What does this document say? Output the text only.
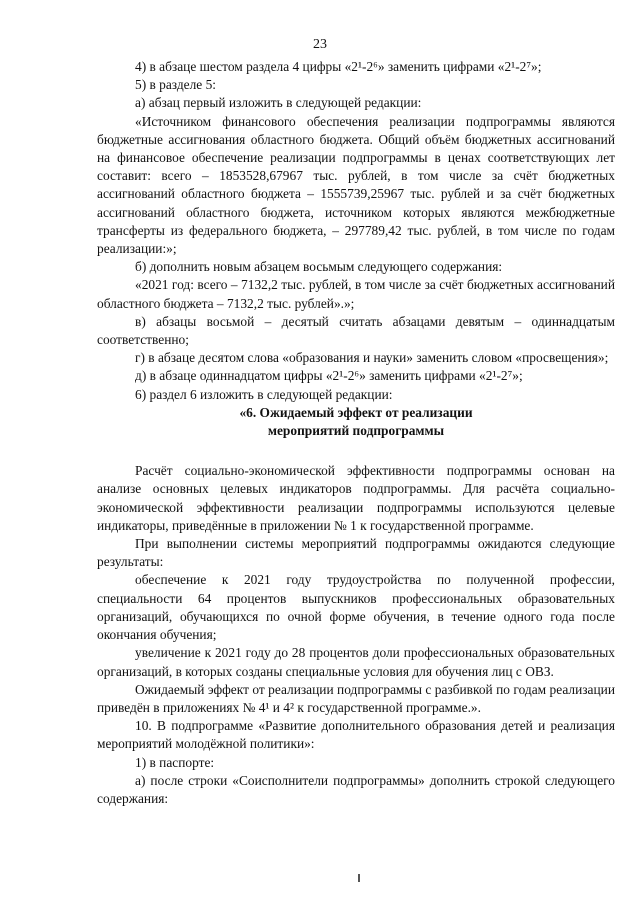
23

4) в абзаце шестом раздела 4 цифры «2¹-2⁶» заменить цифрами «2¹-2⁷»;

5) в разделе 5:

а) абзац первый изложить в следующей редакции:

«Источником финансового обеспечения реализации подпрограммы являются бюджетные ассигнования областного бюджета. Общий объём бюджетных ассигнований на финансовое обеспечение реализации подпрограммы в ценах соответствующих лет составит: всего – 1853528,67967 тыс. рублей, в том числе за счёт бюджетных ассигнований областного бюджета – 1555739,25967 тыс. рублей и за счёт бюджетных ассигнований областного бюджета, источником которых являются межбюджетные трансферты из федерального бюджета, – 297789,42 тыс. рублей, в том числе по годам реализации:»;

б) дополнить новым абзацем восьмым следующего содержания:

«2021 год: всего – 7132,2 тыс. рублей, в том числе за счёт бюджетных ассигнований областного бюджета – 7132,2 тыс. рублей».»;

в) абзацы восьмой – десятый считать абзацами девятым – одиннадцатым соответственно;

г) в абзаце десятом слова «образования и науки» заменить словом «просвещения»;

д) в абзаце одиннадцатом цифры «2¹-2⁶» заменить цифрами «2¹-2⁷»;

6) раздел 6 изложить в следующей редакции:

«6. Ожидаемый эффект от реализации

мероприятий подпрограммы

Расчёт социально-экономической эффективности подпрограммы основан на анализе основных целевых индикаторов подпрограммы. Для расчёта социально-экономической эффективности реализации подпрограммы используются целевые индикаторы, приведённые в приложении № 1 к государственной программе.

При выполнении системы мероприятий подпрограммы ожидаются следующие результаты:

обеспечение к 2021 году трудоустройства по полученной профессии, специальности 64 процентов выпускников профессиональных образовательных организаций, обучающихся по очной форме обучения, в течение одного года после окончания обучения;

увеличение к 2021 году до 28 процентов доли профессиональных образовательных организаций, в которых созданы специальные условия для обучения лиц с ОВЗ.

Ожидаемый эффект от реализации подпрограммы с разбивкой по годам реализации приведён в приложениях № 4¹ и 4² к государственной программе.».

10. В подпрограмме «Развитие дополнительного образования детей и реализация мероприятий молодёжной политики»:

1) в паспорте:

а) после строки «Соисполнители подпрограммы» дополнить строкой следующего содержания:
